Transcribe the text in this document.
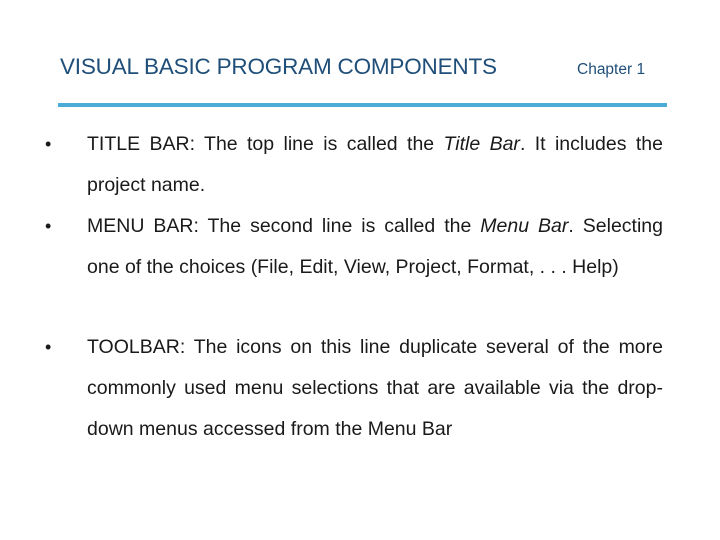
VISUAL BASIC PROGRAM COMPONENTS	Chapter 1
• TITLE BAR: The top line is called the Title Bar. It includes the project name.
• MENU BAR: The second line is called the Menu Bar. Selecting one of the choices (File, Edit, View, Project, Format, . . . Help)
• TOOLBAR: The icons on this line duplicate several of the more commonly used menu selections that are available via the drop-down menus accessed from the Menu Bar
